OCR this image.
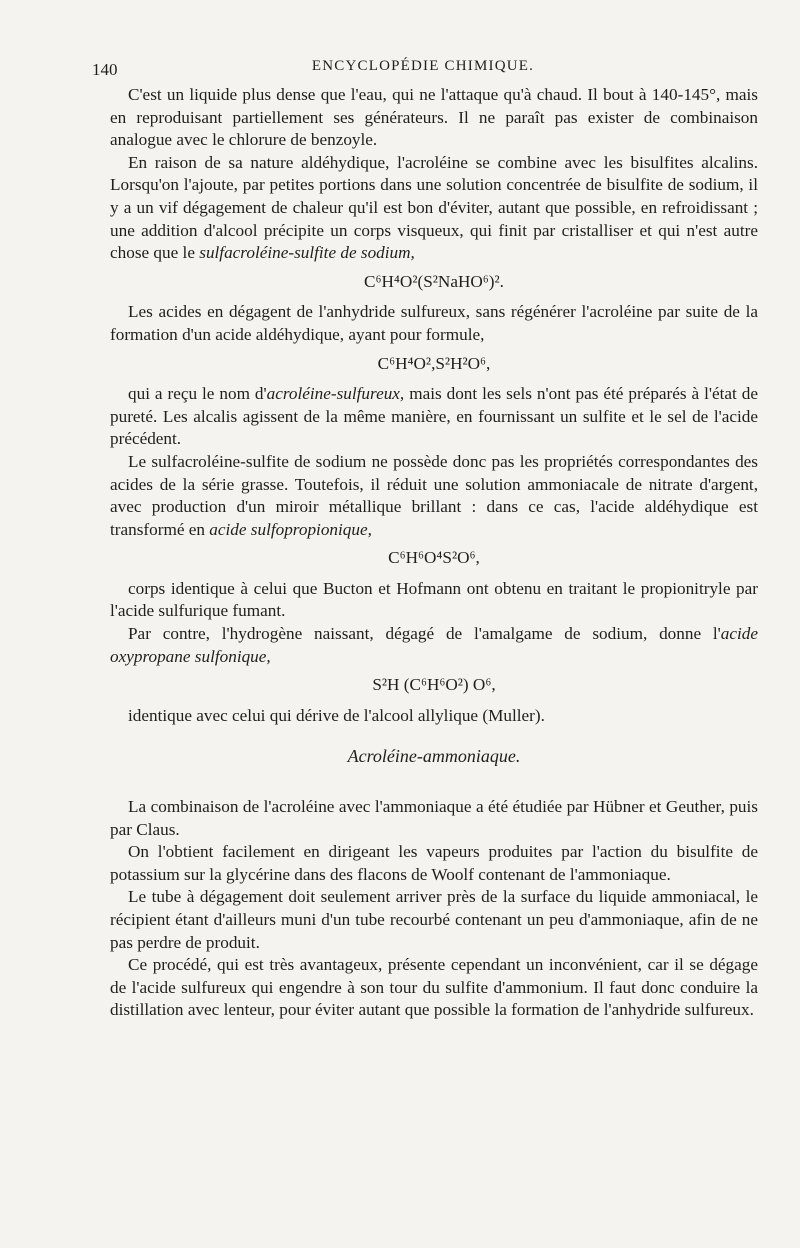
140	ENCYCLOPÉDIE CHIMIQUE.

C'est un liquide plus dense que l'eau, qui ne l'attaque qu'à chaud. Il bout à 140-145°, mais en reproduisant partiellement ses générateurs. Il ne paraît pas exister de combinaison analogue avec le chlorure de benzoyle.

En raison de sa nature aldéhydique, l'acroléine se combine avec les bisulfites alcalins. Lorsqu'on l'ajoute, par petites portions dans une solution concentrée de bisulfite de sodium, il y a un vif dégagement de chaleur qu'il est bon d'éviter, autant que possible, en refroidissant ; une addition d'alcool précipite un corps visqueux, qui finit par cristalliser et qui n'est autre chose que le sulfacroléine-sulfite de sodium,

C⁶H⁴O²(S²NaHO⁶)².

Les acides en dégagent de l'anhydride sulfureux, sans régénérer l'acroléine par suite de la formation d'un acide aldéhydique, ayant pour formule,

C⁶H⁴O²,S²H²O⁶,

qui a reçu le nom d'acroléine-sulfureux, mais dont les sels n'ont pas été préparés à l'état de pureté. Les alcalis agissent de la même manière, en fournissant un sulfite et le sel de l'acide précédent.

Le sulfacroléine-sulfite de sodium ne possède donc pas les propriétés correspondantes des acides de la série grasse. Toutefois, il réduit une solution ammoniacale de nitrate d'argent, avec production d'un miroir métallique brillant : dans ce cas, l'acide aldéhydique est transformé en acide sulfopropionique,

C⁶H⁶O⁴S²O⁶,

corps identique à celui que Bucton et Hofmann ont obtenu en traitant le propionitryle par l'acide sulfurique fumant.

Par contre, l'hydrogène naissant, dégagé de l'amalgame de sodium, donne l'acide oxypropane sulfonique,

S²H (C⁶H⁶O²) O⁶,

identique avec celui qui dérive de l'alcool allylique (Muller).

Acroléine-ammoniaque.

La combinaison de l'acroléine avec l'ammoniaque a été étudiée par Hübner et Geuther, puis par Claus.

On l'obtient facilement en dirigeant les vapeurs produites par l'action du bisulfite de potassium sur la glycérine dans des flacons de Woolf contenant de l'ammoniaque.

Le tube à dégagement doit seulement arriver près de la surface du liquide ammoniacal, le récipient étant d'ailleurs muni d'un tube recourbé contenant un peu d'ammoniaque, afin de ne pas perdre de produit.

Ce procédé, qui est très avantageux, présente cependant un inconvénient, car il se dégage de l'acide sulfureux qui engendre à son tour du sulfite d'ammonium. Il faut donc conduire la distillation avec lenteur, pour éviter autant que possible la formation de l'anhydride sulfureux.
